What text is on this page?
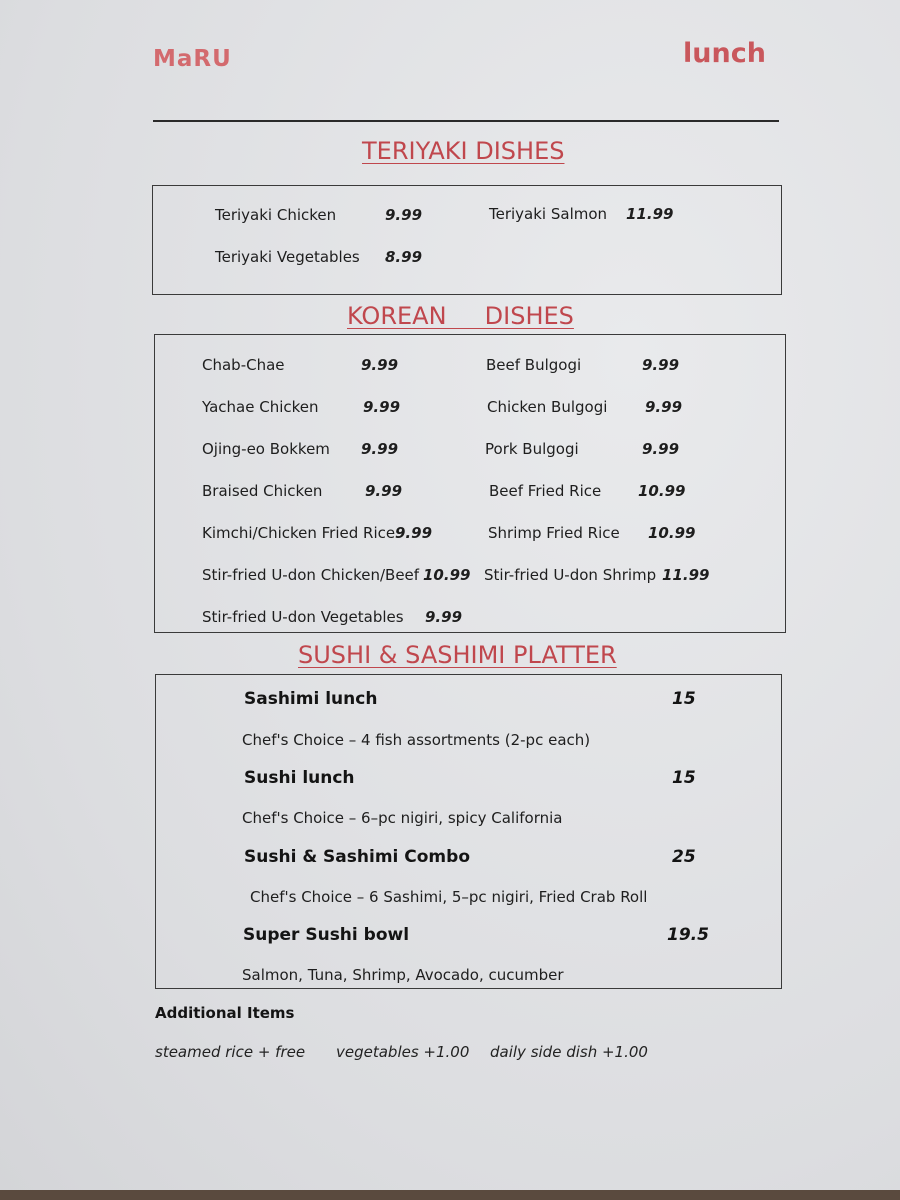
MaRU	lunch
TERIYAKI DISHES
Teriyaki Chicken	9.99	Teriyaki Salmon 11.99
Teriyaki Vegetables 8.99
KOREAN     DISHES
Chab-Chae	9.99	Beef Bulgogi	9.99
Yachae Chicken	9.99	Chicken Bulgogi	9.99
Ojing-eo Bokkem 9.99	Pork Bulgogi	9.99
Braised Chicken	9.99	Beef Fried Rice 10.99
Kimchi/Chicken Fried Rice 9.99	Shrimp Fried Rice 10.99
Stir-fried U-don Chicken/Beef 10.99 Stir-fried U-don Shrimp 11.99
Stir-fried U-don Vegetables 9.99
SUSHI & SASHIMI PLATTER
Sashimi lunch	15
Chef's Choice – 4 fish assortments (2-pc each)
Sushi lunch	15
Chef's Choice – 6–pc nigiri, spicy California
Sushi & Sashimi Combo	25
Chef's Choice – 6 Sashimi, 5–pc nigiri, Fried Crab Roll
Super Sushi bowl	19.5
Salmon, Tuna, Shrimp, Avocado, cucumber
Additional Items
steamed rice + free vegetables +1.00 daily side dish +1.00
